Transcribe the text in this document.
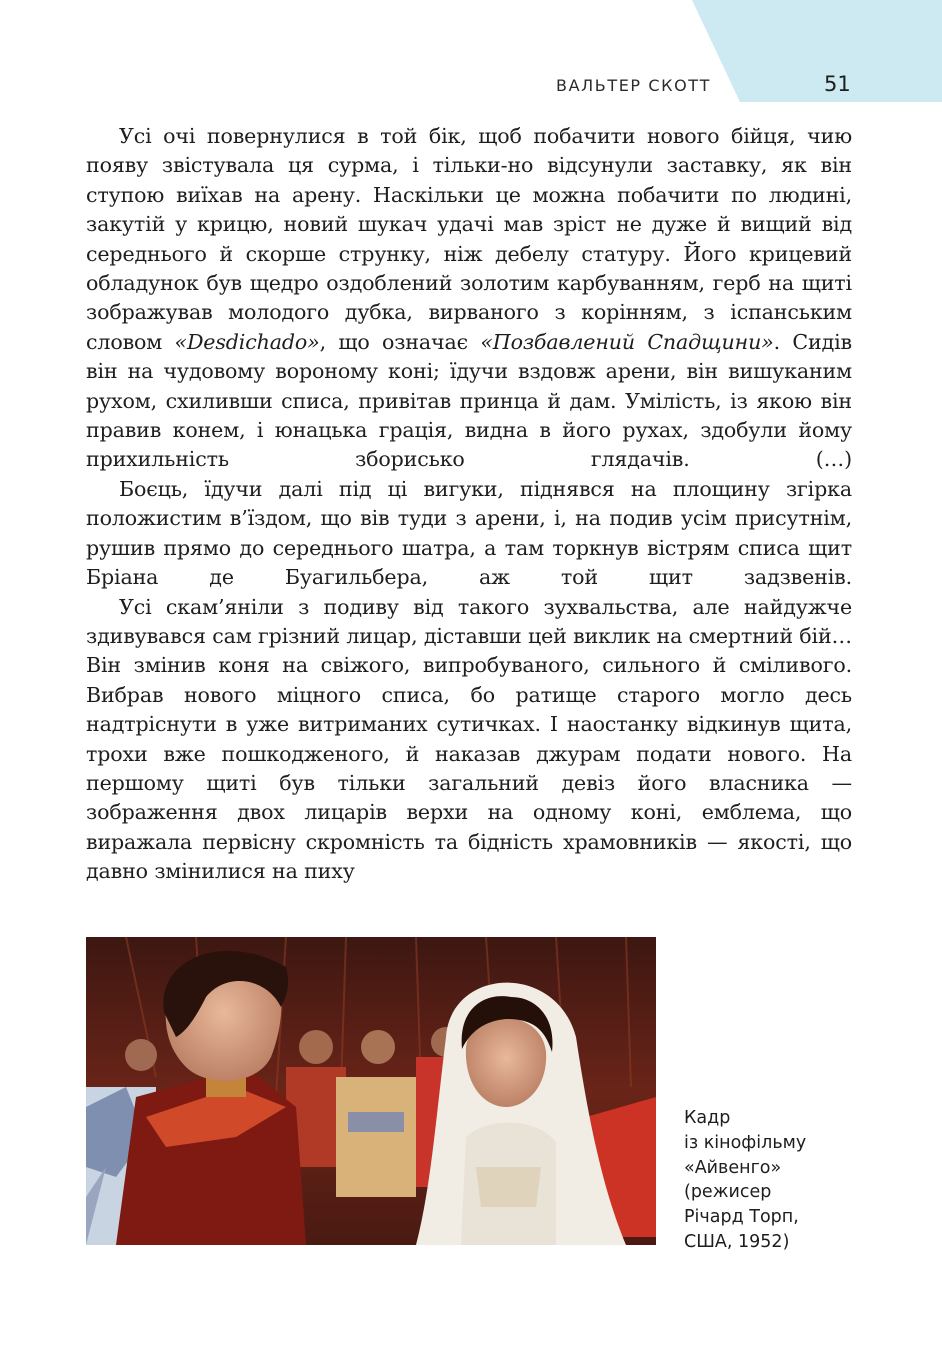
ВАЛЬТЕР СКОТТ	51

Усі очі повернулися в той бік, щоб побачити нового бійця, чию появу звістувала ця сурма, і тільки-но відсунули заставку, як він ступою виїхав на арену. Наскільки це можна побачити по людині, закутій у крицю, новий шукач удачі мав зріст не дуже й вищий від середнього й скорше струнку, ніж дебелу статуру. Його крицевий обладунок був щедро оздоблений золотим карбуванням, герб на щиті зображував молодого дубка, вирваного з корінням, з іспанським словом «Desdichado», що означає «Позбавлений Спадщини». Сидів він на чудовому вороному коні; їдучи вздовж арени, він вишуканим рухом, схиливши списа, привітав принца й дам. Умілість, із якою він правив конем, і юнацька грація, видна в його рухах, здобули йому прихильність зборисько глядачів. (…)

Боєць, їдучи далі під ці вигуки, піднявся на площину згірка положистим в’їздом, що вів туди з арени, і, на подив усім присутнім, рушив прямо до середнього шатра, а там торкнув вістрям списа щит Бріана де Буагильбера, аж той щит задзвенів.

Усі скам’яніли з подиву від такого зухвальства, але найдужче здивувався сам грізний лицар, діставши цей виклик на смертний бій… Він змінив коня на свіжого, випробуваного, сильного й сміливого. Вибрав нового міцного списа, бо ратище старого могло десь надтріснути в уже витриманих сутичках. І наостанку відкинув щита, трохи вже пошкодженого, й наказав джурам подати нового. На першому щиті був тільки загальний девіз його власника — зображення двох лицарів верхи на одному коні, емблема, що виражала первісну скромність та бідність храмовників — якості, що давно змінилися на пиху

Кадр
із кінофільму
«Айвенго»
(режисер
Річард Торп,
США, 1952)
